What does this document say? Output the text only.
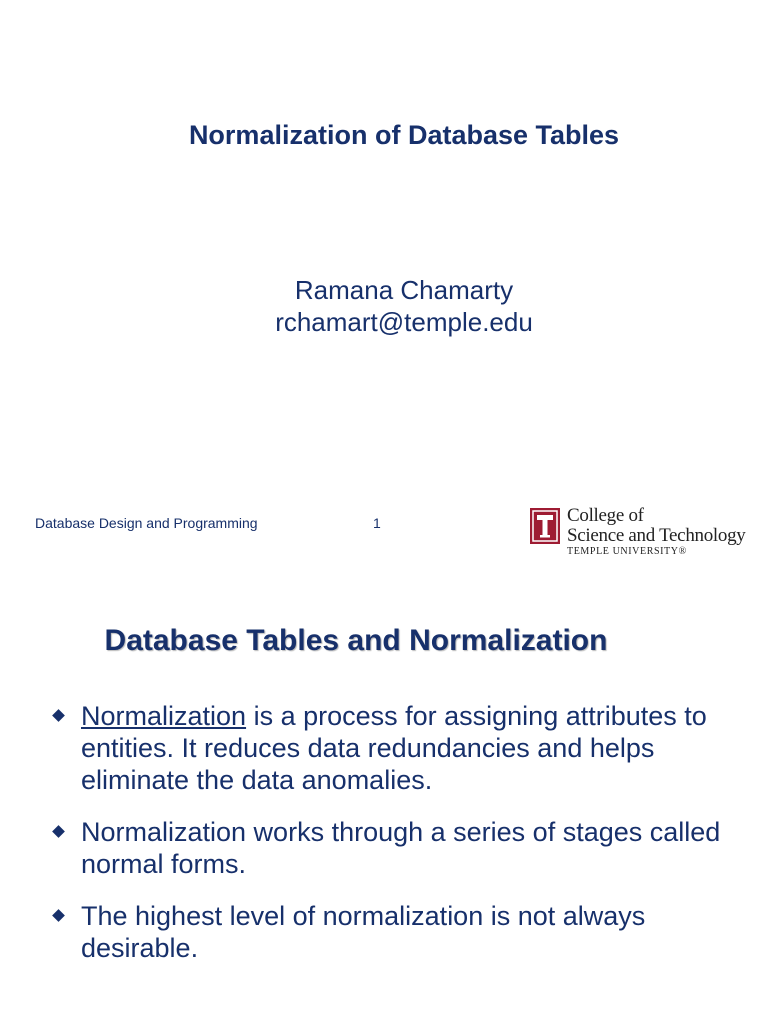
Normalization of Database Tables
Ramana Chamarty
rchamart@temple.edu
Database Design and Programming	1	College of
Science and Technology
TEMPLE UNIVERSITY®
Database Tables and Normalization
Normalization is a process for assigning attributes to entities. It reduces data redundancies and helps eliminate the data anomalies.
Normalization works through a series of stages called normal forms.
The highest level of normalization is not always desirable.
